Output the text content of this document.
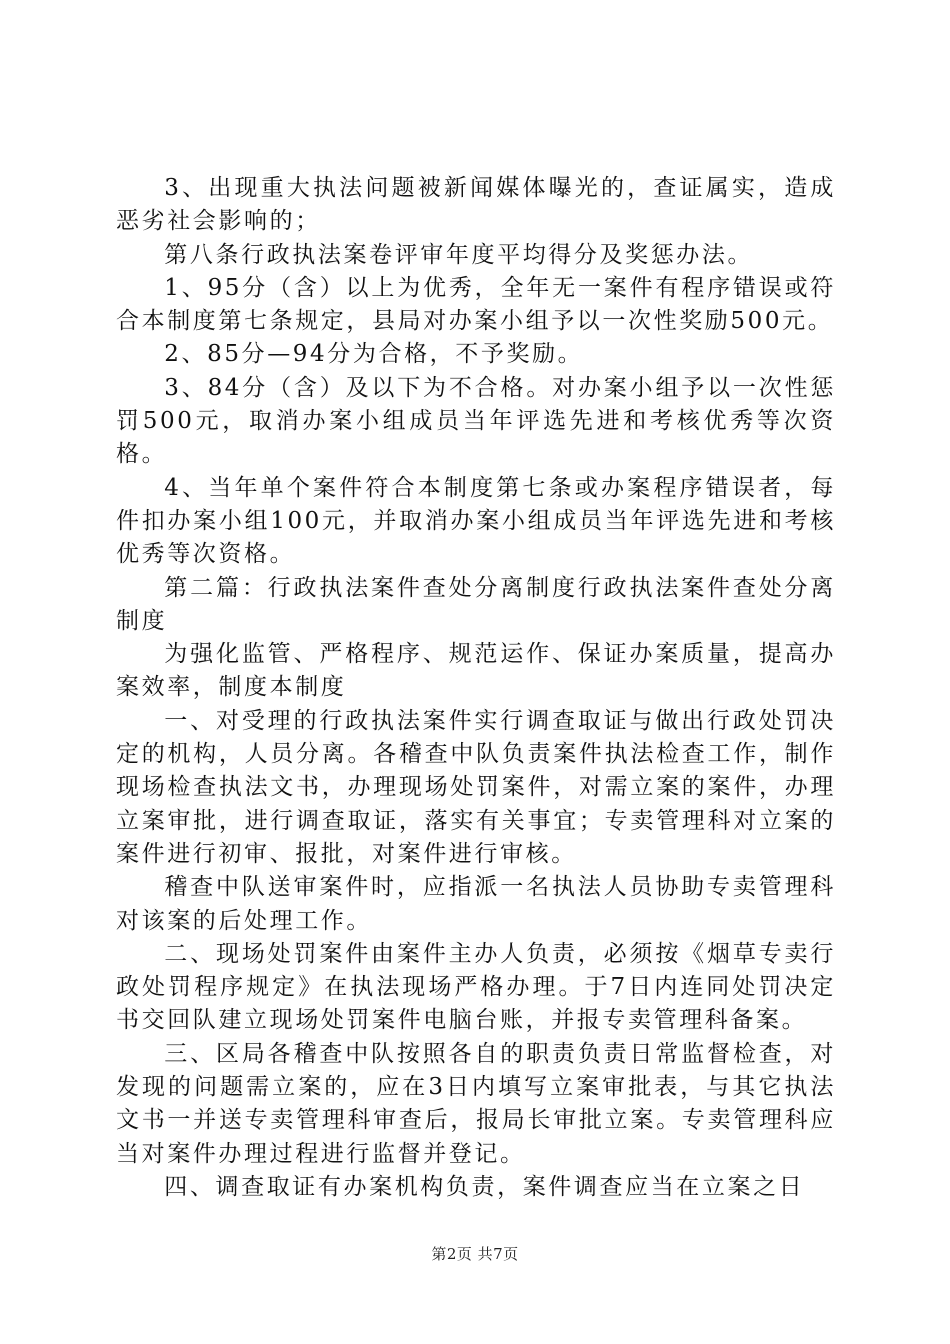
3、出现重大执法问题被新闻媒体曝光的，查证属实，造成恶劣社会影响的；

第八条行政执法案卷评审年度平均得分及奖惩办法。

1、95分（含）以上为优秀，全年无一案件有程序错误或符合本制度第七条规定，县局对办案小组予以一次性奖励500元。

2、85分—94分为合格，不予奖励。

3、84分（含）及以下为不合格。对办案小组予以一次性惩罚500元，取消办案小组成员当年评选先进和考核优秀等次资格。

4、当年单个案件符合本制度第七条或办案程序错误者，每件扣办案小组100元，并取消办案小组成员当年评选先进和考核优秀等次资格。

第二篇：行政执法案件查处分离制度行政执法案件查处分离制度

为强化监管、严格程序、规范运作、保证办案质量，提高办案效率，制度本制度

一、对受理的行政执法案件实行调查取证与做出行政处罚决定的机构，人员分离。各稽查中队负责案件执法检查工作，制作现场检查执法文书，办理现场处罚案件，对需立案的案件，办理立案审批，进行调查取证，落实有关事宜；专卖管理科对立案的案件进行初审、报批，对案件进行审核。

稽查中队送审案件时，应指派一名执法人员协助专卖管理科对该案的后处理工作。

二、现场处罚案件由案件主办人负责，必须按《烟草专卖行政处罚程序规定》在执法现场严格办理。于7日内连同处罚决定书交回队建立现场处罚案件电脑台账，并报专卖管理科备案。

三、区局各稽查中队按照各自的职责负责日常监督检查，对发现的问题需立案的，应在3日内填写立案审批表，与其它执法文书一并送专卖管理科审查后，报局长审批立案。专卖管理科应当对案件办理过程进行监督并登记。

四、调查取证有办案机构负责，案件调查应当在立案之日

第2页 共7页
